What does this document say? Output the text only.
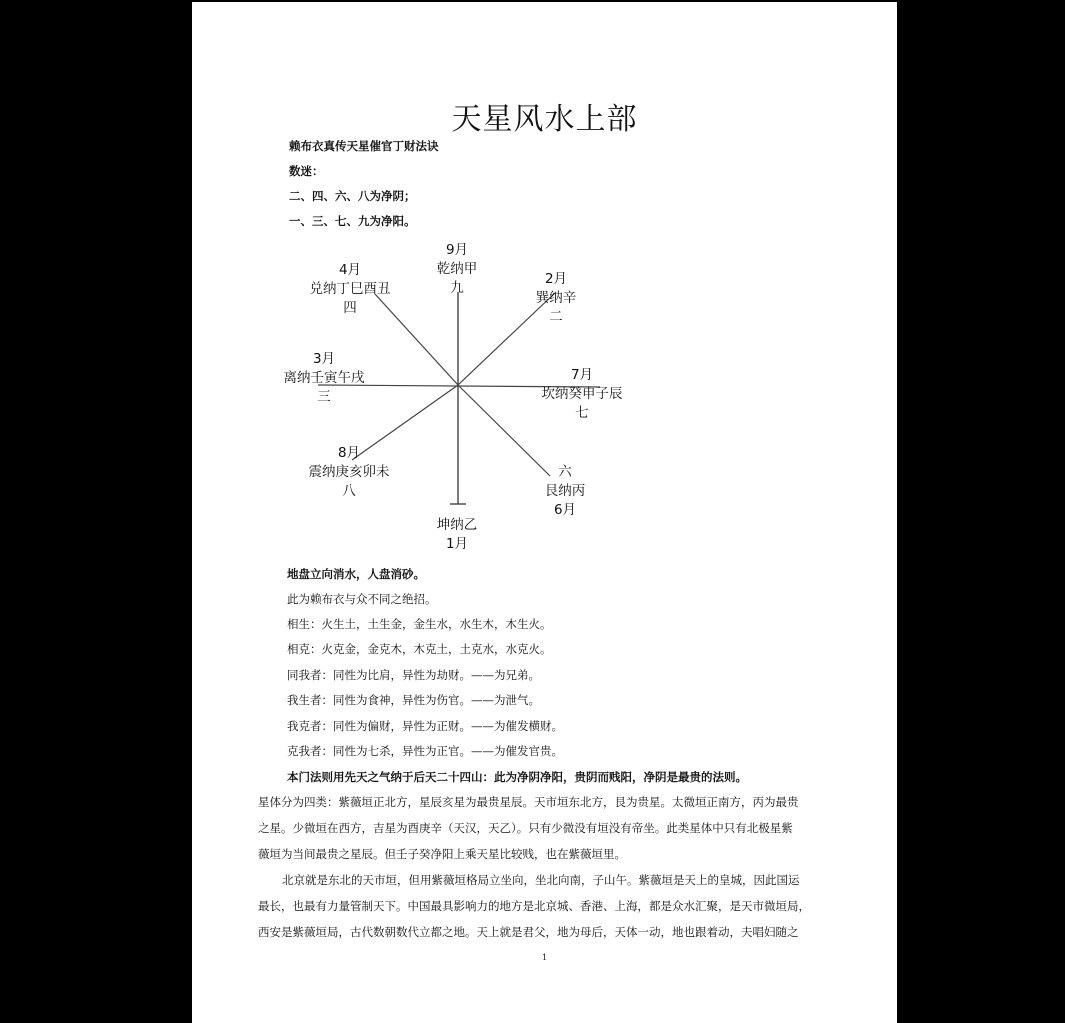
天星风水上部
赖布衣真传天星催官丁财法诀
数迷：
二、四、六、八为净阴；
一、三、七、九为净阳。
9月
乾纳甲
九
2月
巽纳辛
二
7月
坎纳癸申子辰
七
六
艮纳丙
6月
坤纳乙
1月
8月
震纳庚亥卯未
八
3月
离纳壬寅午戌
三
4月
兑纳丁巳酉丑
四
地盘立向消水，人盘消砂。
此为赖布衣与众不同之绝招。
相生：火生土，土生金，金生水，水生木，木生火。
相克：火克金，金克木，木克土，土克水，水克火。
同我者：同性为比肩，异性为劫财。——为兄弟。
我生者：同性为食神，异性为伤官。——为泄气。
我克者：同性为偏财，异性为正财。——为催发横财。
克我者：同性为七杀，异性为正官。——为催发官贵。
本门法则用先天之气纳于后天二十四山：此为净阴净阳，贵阴而贱阳，净阴是最贵的法则。

星体分为四类：紫薇垣正北方，星辰亥星为最贵星辰。天市垣东北方，艮为贵星。太微垣正南方，丙为最贵

之星。少微垣在西方，吉星为酉庚辛（天汉，天乙）。只有少微没有垣没有帝坐。此类星体中只有北极星紫

薇垣为当间最贵之星辰。但壬子癸净阳上乘天星比较贱，也在紫薇垣里。

北京就是东北的天市垣，但用紫薇垣格局立坐向，坐北向南，子山午。紫薇垣是天上的皇城，因此国运

最长，也最有力量管制天下。中国最具影响力的地方是北京城、香港、上海，都是众水汇聚，是天市微垣局，

西安是紫薇垣局，古代数朝数代立都之地。天上就是君父，地为母后，天体一动，地也跟着动，夫唱妇随之

1
